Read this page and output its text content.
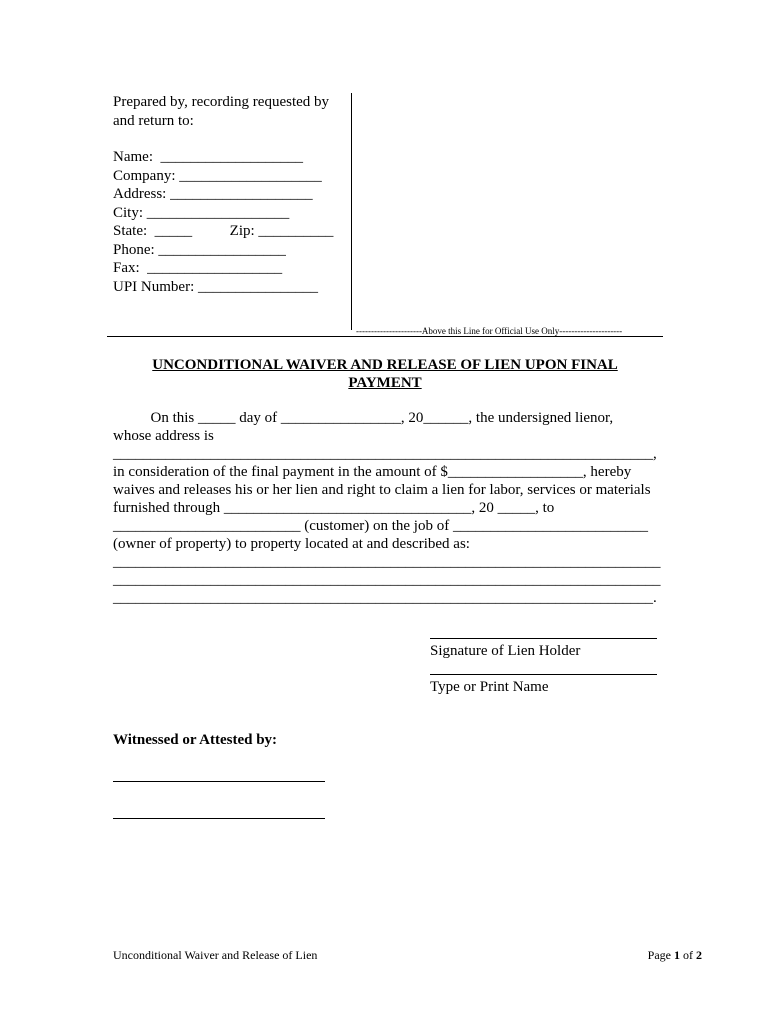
Prepared by, recording requested by

and return to:

Name:  ___________________

Company: ___________________

Address: ___________________

City: ___________________

State:  _____          Zip: __________

Phone: _________________

Fax:  __________________

UPI Number: ________________

----------------------Above this Line for Official Use Only---------------------
UNCONDITIONAL WAIVER AND RELEASE OF LIEN UPON FINAL
PAYMENT

On this _____ day of ________________, 20______, the undersigned lienor,

whose address is

________________________________________________________________________,

in consideration of the final payment in the amount of $__________________, hereby

waives and releases his or her lien and right to claim a lien for labor, services or materials

furnished through _________________________________, 20 _____, to

_________________________ (customer) on the job of __________________________

(owner of property) to property located at and described as:

_________________________________________________________________________

_________________________________________________________________________

________________________________________________________________________.

Signature of Lien Holder
Type or Print Name
Witnessed or Attested by:
Unconditional Waiver and Release of Lien	Page 1 of 2
